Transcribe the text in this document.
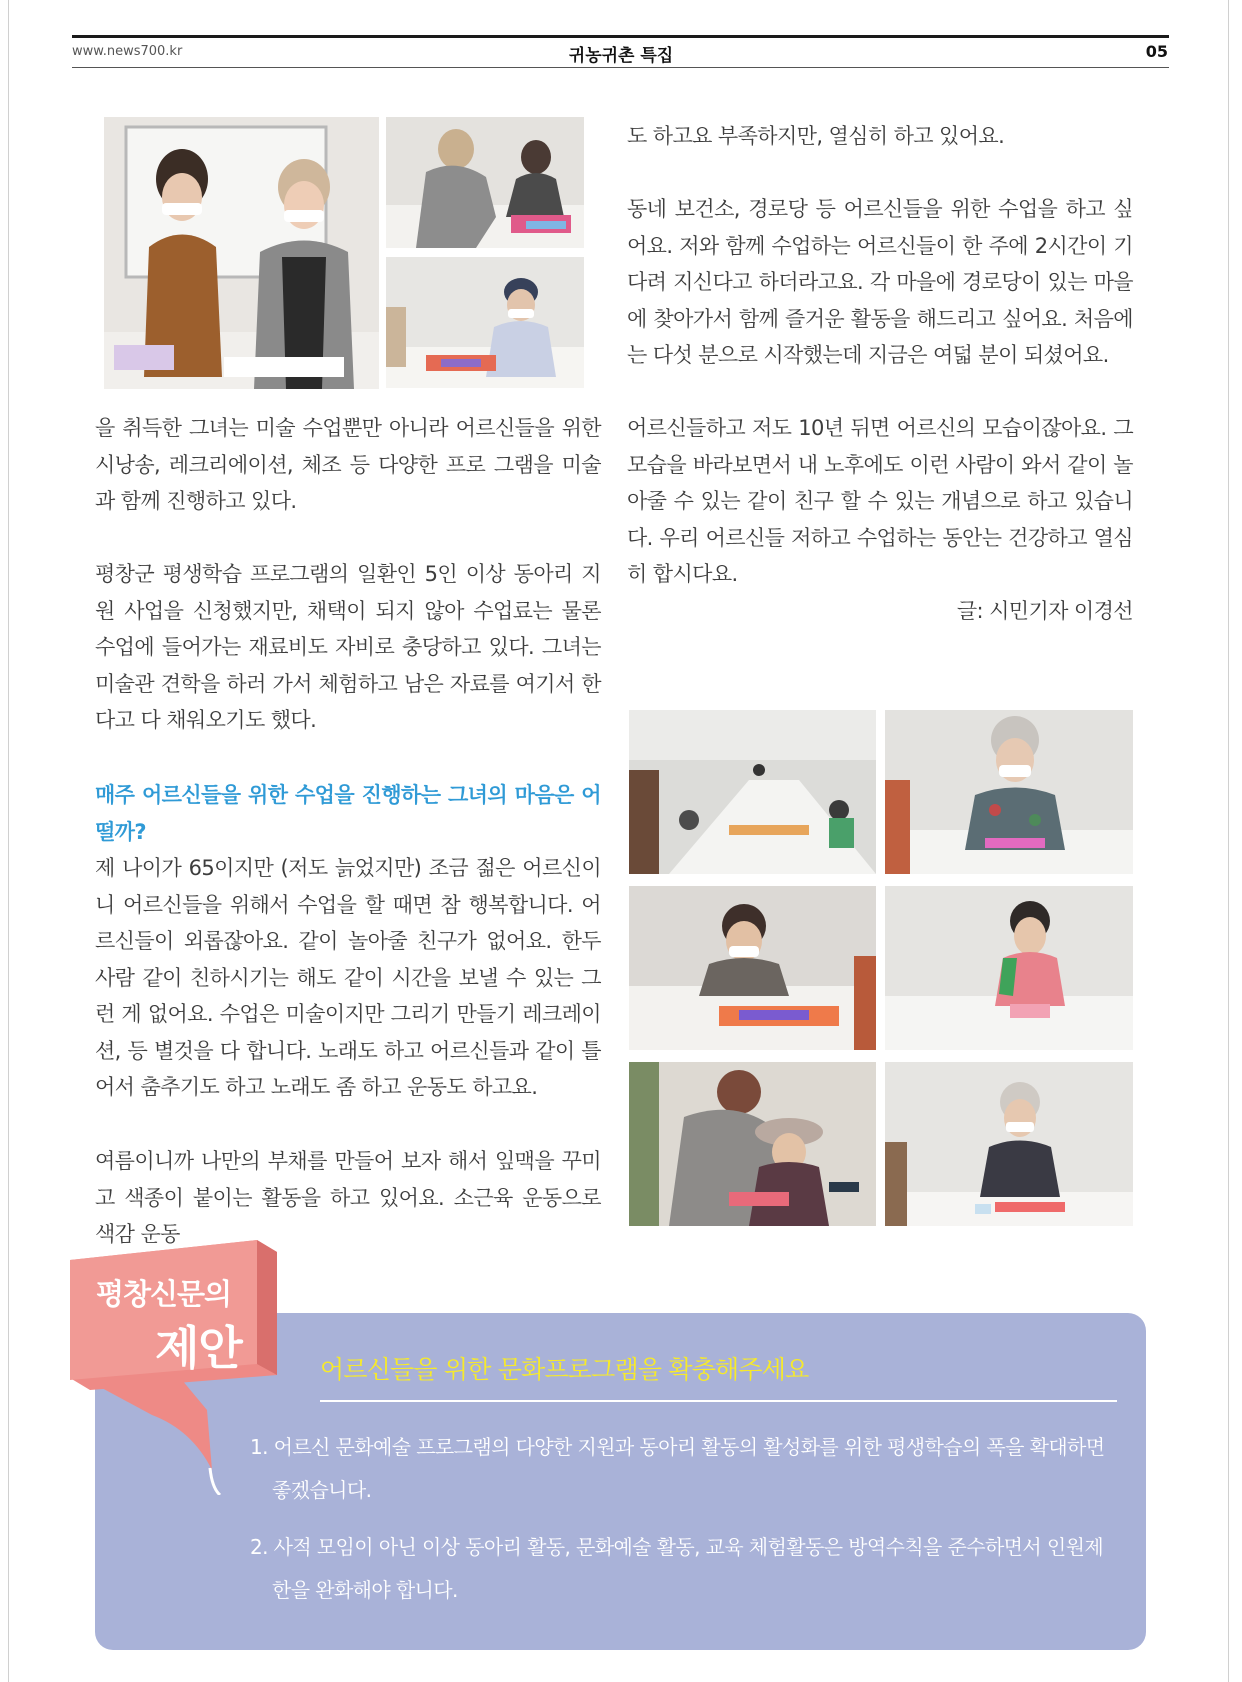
www.news700.kr	귀농귀촌 특집	05
을 취득한 그녀는 미술 수업뿐만 아니라 어르신들을 위한 시낭송, 레크리에이션, 체조 등 다양한 프로 그램을 미술과 함께 진행하고 있다.
평창군 평생학습 프로그램의 일환인 5인 이상 동아리 지원 사업을 신청했지만, 채택이 되지 않아 수업료는 물론 수업에 들어가는 재료비도 자비로 충당하고 있다. 그녀는 미술관 견학을 하러 가서 체험하고 남은 자료를 여기서 한다고 다 채워오기도 했다.
매주 어르신들을 위한 수업을 진행하는 그녀의 마음은 어떨까?
제 나이가 65이지만 (저도 늙었지만) 조금 젊은 어르신이니 어르신들을 위해서 수업을 할 때면 참 행복합니다. 어르신들이 외롭잖아요. 같이 놀아줄 친구가 없어요. 한두 사람 같이 친하시기는 해도 같이 시간을 보낼 수 있는 그런 게 없어요. 수업은 미술이지만 그리기 만들기 레크레이션, 등 별것을 다 합니다. 노래도 하고 어르신들과 같이 틀어서 춤추기도 하고 노래도 좀 하고 운동도 하고요.
여름이니까 나만의 부채를 만들어 보자 해서 잎맥을 꾸미고 색종이 붙이는 활동을 하고 있어요. 소근육 운동으로 색감 운동
도 하고요 부족하지만, 열심히 하고 있어요.
동네 보건소, 경로당 등 어르신들을 위한 수업을 하고 싶어요. 저와 함께 수업하는 어르신들이 한 주에 2시간이 기다려 지신다고 하더라고요. 각 마을에 경로당이 있는 마을에 찾아가서 함께 즐거운 활동을 해드리고 싶어요. 처음에는 다섯 분으로 시작했는데 지금은 여덟 분이 되셨어요.
어르신들하고 저도 10년 뒤면 어르신의 모습이잖아요. 그 모습을 바라보면서 내 노후에도 이런 사람이 와서 같이 놀아줄 수 있는 같이 친구 할 수 있는 개념으로 하고 있습니다. 우리 어르신들 저하고 수업하는 동안는 건강하고 열심히 합시다요.
글: 시민기자 이경선
평창신문의
제안	어르신들을 위한 문화프로그램을 확충해주세요
1. 어르신 문화예술 프로그램의 다양한 지원과 동아리 활동의 활성화를 위한 평생학습의 폭을 확대하면 좋겠습니다.
2. 사적 모임이 아닌 이상 동아리 활동, 문화예술 활동, 교육 체험활동은 방역수칙을 준수하면서 인원제한을 완화해야 합니다.
